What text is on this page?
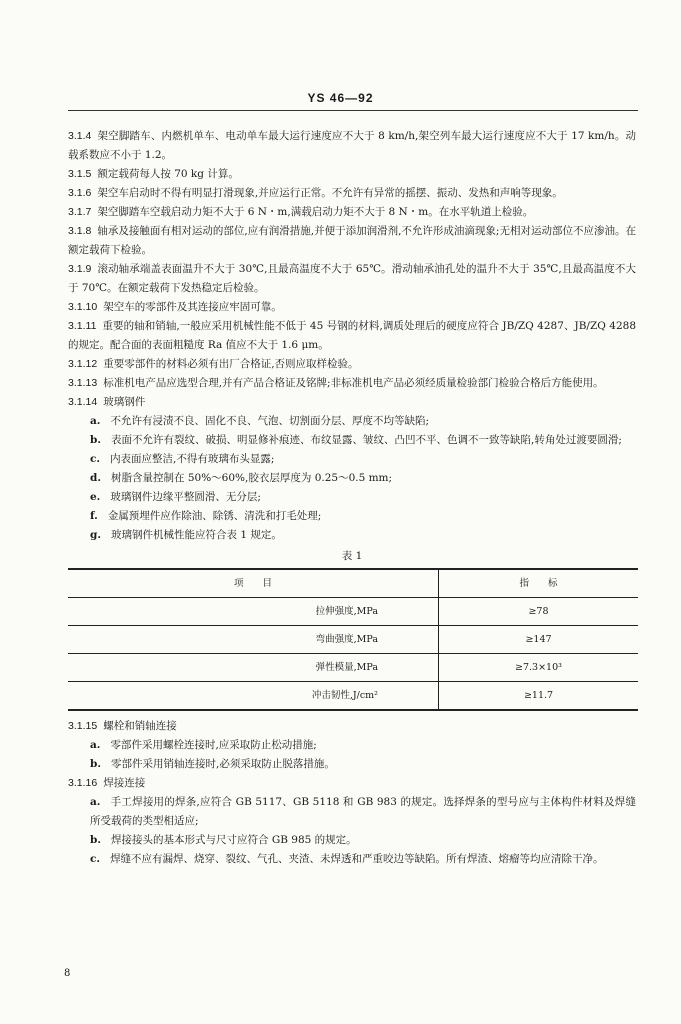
YS 46—92

3.1.4 架空脚踏车、内燃机单车、电动单车最大运行速度应不大于 8 km/h,架空列车最大运行速度应不大于 17 km/h。动载系数应不小于 1.2。

3.1.5 额定载荷每人按 70 kg 计算。

3.1.6 架空车启动时不得有明显打滑现象,并应运行正常。不允许有异常的摇摆、振动、发热和声响等现象。

3.1.7 架空脚踏车空载启动力矩不大于 6 N・m,满载启动力矩不大于 8 N・m。在水平轨道上检验。

3.1.8 轴承及接触面有相对运动的部位,应有润滑措施,并便于添加润滑剂,不允许形成油滴现象;无相对运动部位不应渗油。在额定载荷下检验。

3.1.9 滚动轴承端盖表面温升不大于 30℃,且最高温度不大于 65℃。滑动轴承油孔处的温升不大于 35℃,且最高温度不大于 70℃。在额定载荷下发热稳定后检验。

3.1.10 架空车的零部件及其连接应牢固可靠。

3.1.11 重要的轴和销轴,一般应采用机械性能不低于 45 号钢的材料,调质处理后的硬度应符合 JB/ZQ 4287、JB/ZQ 4288 的规定。配合面的表面粗糙度 Ra 值应不大于 1.6 μm。

3.1.12 重要零部件的材料必须有出厂合格证,否则应取样检验。

3.1.13 标准机电产品应选型合理,并有产品合格证及铭牌;非标准机电产品必须经质量检验部门检验合格后方能使用。

3.1.14 玻璃钢件

a. 不允许有浸渍不良、固化不良、气泡、切割面分层、厚度不均等缺陷;

b. 表面不允许有裂纹、破损、明显修补痕迹、布纹显露、皱纹、凸凹不平、色调不一致等缺陷,转角处过渡要圆滑;

c. 内表面应整洁,不得有玻璃布头显露;

d. 树脂含量控制在 50%～60%,胶衣层厚度为 0.25～0.5 mm;

e. 玻璃钢件边缘平整圆滑、无分层;

f. 金属预埋件应作除油、除锈、清洗和打毛处理;

g. 玻璃钢件机械性能应符合表 1 规定。

表 1
项　　目	指　　标
拉伸强度,MPa	≥78
弯曲强度,MPa	≥147
弹性模量,MPa	≥7.3×10³
冲击韧性,J/cm²	≥11.7

3.1.15 螺栓和销轴连接

a. 零部件采用螺栓连接时,应采取防止松动措施;

b. 零部件采用销轴连接时,必须采取防止脱落措施。

3.1.16 焊接连接

a. 手工焊接用的焊条,应符合 GB 5117、GB 5118 和 GB 983 的规定。选择焊条的型号应与主体构件材料及焊缝所受载荷的类型相适应;

b. 焊接接头的基本形式与尺寸应符合 GB 985 的规定。

c. 焊缝不应有漏焊、烧穿、裂纹、气孔、夹渣、未焊透和严重咬边等缺陷。所有焊渣、熔瘤等均应清除干净。

8
